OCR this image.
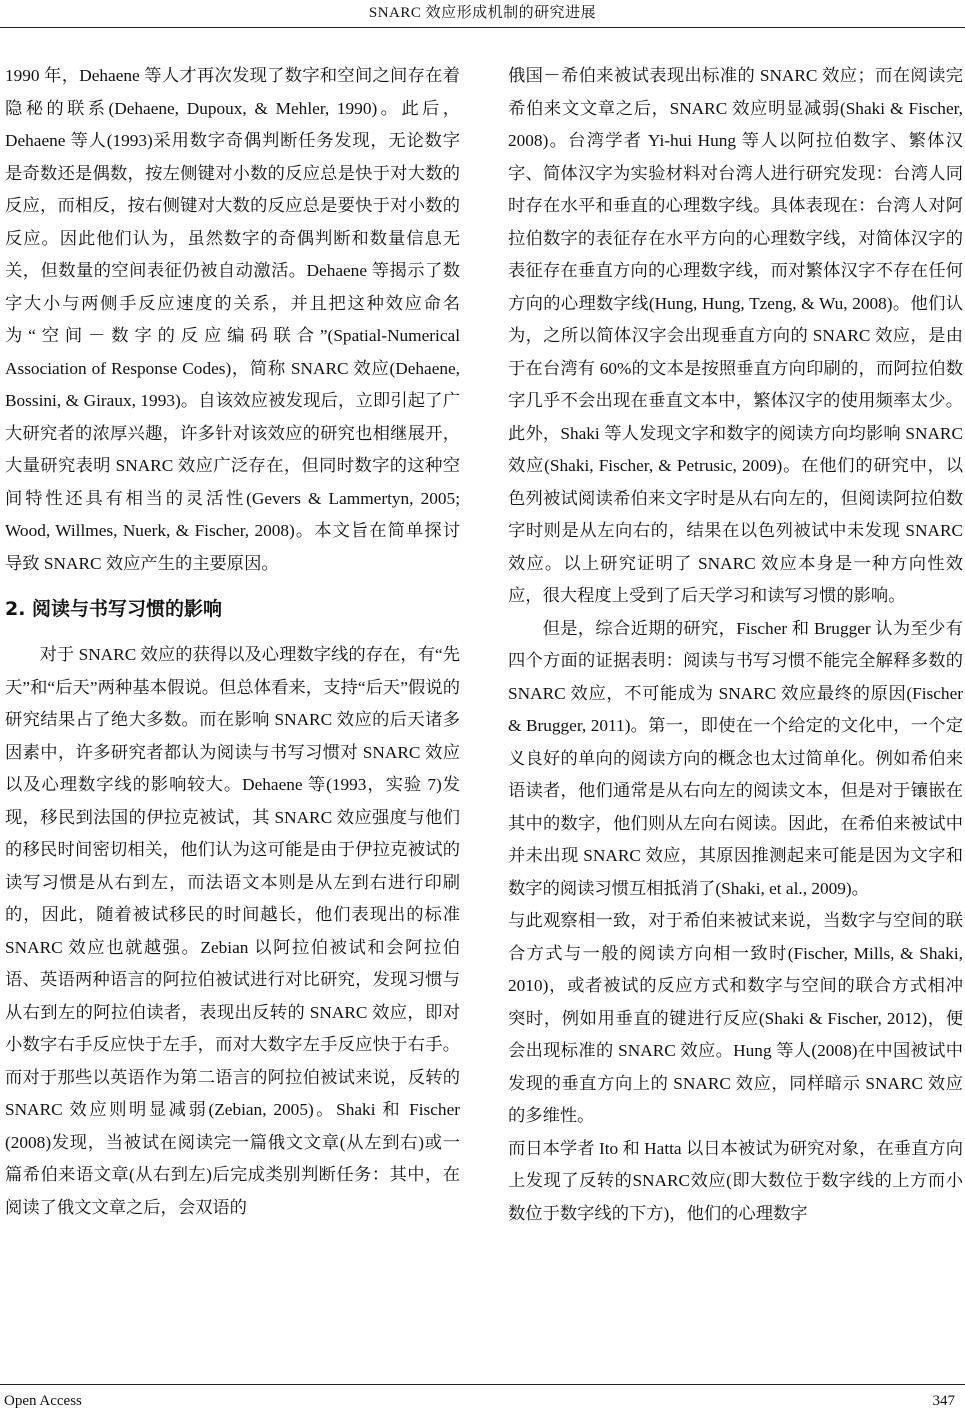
SNARC 效应形成机制的研究进展

1990 年，Dehaene 等人才再次发现了数字和空间之间存在着隐秘的联系(Dehaene, Dupoux, & Mehler, 1990)。此后，Dehaene 等人(1993)采用数字奇偶判断任务发现，无论数字是奇数还是偶数，按左侧键对小数的反应总是快于对大数的反应，而相反，按右侧键对大数的反应总是要快于对小数的反应。因此他们认为，虽然数字的奇偶判断和数量信息无关，但数量的空间表征仍被自动激活。Dehaene 等揭示了数字大小与两侧手反应速度的关系，并且把这种效应命名为“空间－数字的反应编码联合”(Spatial-Numerical Association of Response Codes)，简称 SNARC 效应(Dehaene, Bossini, & Giraux, 1993)。自该效应被发现后，立即引起了广大研究者的浓厚兴趣，许多针对该效应的研究也相继展开，大量研究表明 SNARC 效应广泛存在，但同时数字的这种空间特性还具有相当的灵活性(Gevers & Lammertyn, 2005; Wood, Willmes, Nuerk, & Fischer, 2008)。本文旨在简单探讨导致 SNARC 效应产生的主要原因。

2. 阅读与书写习惯的影响

对于 SNARC 效应的获得以及心理数字线的存在，有“先天”和“后天”两种基本假说。但总体看来，支持“后天”假说的研究结果占了绝大多数。而在影响 SNARC 效应的后天诸多因素中，许多研究者都认为阅读与书写习惯对 SNARC 效应以及心理数字线的影响较大。Dehaene 等(1993，实验 7)发现，移民到法国的伊拉克被试，其 SNARC 效应强度与他们的移民时间密切相关，他们认为这可能是由于伊拉克被试的读写习惯是从右到左，而法语文本则是从左到右进行印刷的，因此，随着被试移民的时间越长，他们表现出的标准 SNARC 效应也就越强。Zebian 以阿拉伯被试和会阿拉伯语、英语两种语言的阿拉伯被试进行对比研究，发现习惯与从右到左的阿拉伯读者，表现出反转的 SNARC 效应，即对小数字右手反应快于左手，而对大数字左手反应快于右手。而对于那些以英语作为第二语言的阿拉伯被试来说，反转的 SNARC 效应则明显减弱(Zebian, 2005)。Shaki 和 Fischer (2008)发现，当被试在阅读完一篇俄文文章(从左到右)或一篇希伯来语文章(从右到左)后完成类别判断任务：其中，在阅读了俄文文章之后，会双语的

俄国－希伯来被试表现出标准的 SNARC 效应；而在阅读完希伯来文文章之后，SNARC 效应明显减弱(Shaki & Fischer, 2008)。台湾学者 Yi-hui Hung 等人以阿拉伯数字、繁体汉字、简体汉字为实验材料对台湾人进行研究发现：台湾人同时存在水平和垂直的心理数字线。具体表现在：台湾人对阿拉伯数字的表征存在水平方向的心理数字线，对简体汉字的表征存在垂直方向的心理数字线，而对繁体汉字不存在任何方向的心理数字线(Hung, Hung, Tzeng, & Wu, 2008)。他们认为，之所以简体汉字会出现垂直方向的 SNARC 效应，是由于在台湾有 60%的文本是按照垂直方向印刷的，而阿拉伯数字几乎不会出现在垂直文本中，繁体汉字的使用频率太少。此外，Shaki 等人发现文字和数字的阅读方向均影响 SNARC 效应(Shaki, Fischer, & Petrusic, 2009)。在他们的研究中，以色列被试阅读希伯来文字时是从右向左的，但阅读阿拉伯数字时则是从左向右的，结果在以色列被试中未发现 SNARC 效应。以上研究证明了 SNARC 效应本身是一种方向性效应，很大程度上受到了后天学习和读写习惯的影响。

但是，综合近期的研究，Fischer 和 Brugger 认为至少有四个方面的证据表明：阅读与书写习惯不能完全解释多数的 SNARC 效应，不可能成为 SNARC 效应最终的原因(Fischer & Brugger, 2011)。第一，即使在一个给定的文化中，一个定义良好的单向的阅读方向的概念也太过简单化。例如希伯来语读者，他们通常是从右向左的阅读文本，但是对于镶嵌在其中的数字，他们则从左向右阅读。因此，在希伯来被试中并未出现 SNARC 效应，其原因推测起来可能是因为文字和数字的阅读习惯互相抵消了(Shaki, et al., 2009)。

与此观察相一致，对于希伯来被试来说，当数字与空间的联合方式与一般的阅读方向相一致时(Fischer, Mills, & Shaki, 2010)，或者被试的反应方式和数字与空间的联合方式相冲突时，例如用垂直的键进行反应(Shaki & Fischer, 2012)，便会出现标准的 SNARC 效应。Hung 等人(2008)在中国被试中发现的垂直方向上的 SNARC 效应，同样暗示 SNARC 效应的多维性。

而日本学者 Ito 和 Hatta 以日本被试为研究对象，在垂直方向上发现了反转的SNARC效应(即大数位于数字线的上方而小数位于数字线的下方)，他们的心理数字

Open Access	347
